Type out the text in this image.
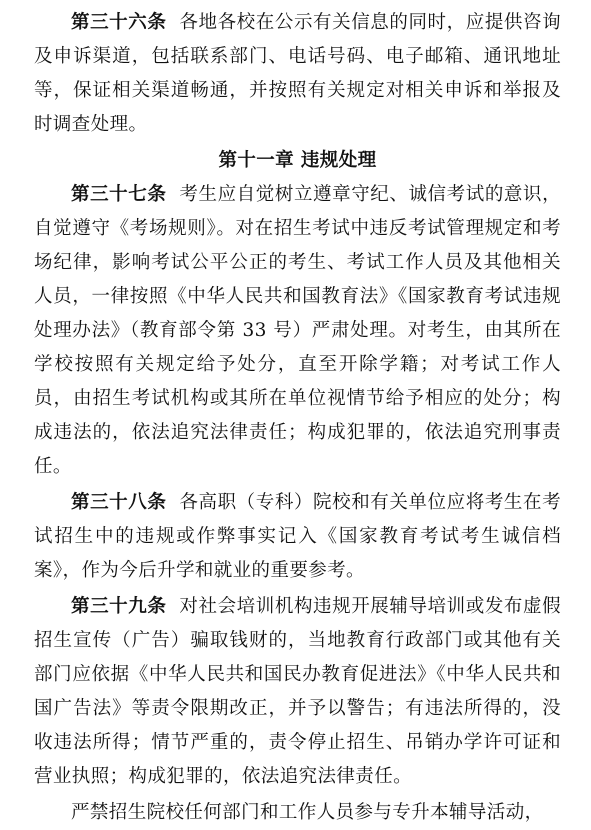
第三十六条 各地各校在公示有关信息的同时，应提供咨询及申诉渠道，包括联系部门、电话号码、电子邮箱、通讯地址等，保证相关渠道畅通，并按照有关规定对相关申诉和举报及时调查处理。

第十一章 违规处理

第三十七条 考生应自觉树立遵章守纪、诚信考试的意识，自觉遵守《考场规则》。对在招生考试中违反考试管理规定和考场纪律，影响考试公平公正的考生、考试工作人员及其他相关人员，一律按照《中华人民共和国教育法》《国家教育考试违规处理办法》（教育部令第 33 号）严肃处理。对考生，由其所在学校按照有关规定给予处分，直至开除学籍；对考试工作人员，由招生考试机构或其所在单位视情节给予相应的处分；构成违法的，依法追究法律责任；构成犯罪的，依法追究刑事责任。

第三十八条 各高职（专科）院校和有关单位应将考生在考试招生中的违规或作弊事实记入《国家教育考试考生诚信档案》，作为今后升学和就业的重要参考。

第三十九条 对社会培训机构违规开展辅导培训或发布虚假招生宣传（广告）骗取钱财的，当地教育行政部门或其他有关部门应依据《中华人民共和国民办教育促进法》《中华人民共和国广告法》等责令限期改正，并予以警告；有违法所得的，没收违法所得；情节严重的，责令停止招生、吊销办学许可证和营业执照；构成犯罪的，依法追究法律责任。

严禁招生院校任何部门和工作人员参与专升本辅导活动，
